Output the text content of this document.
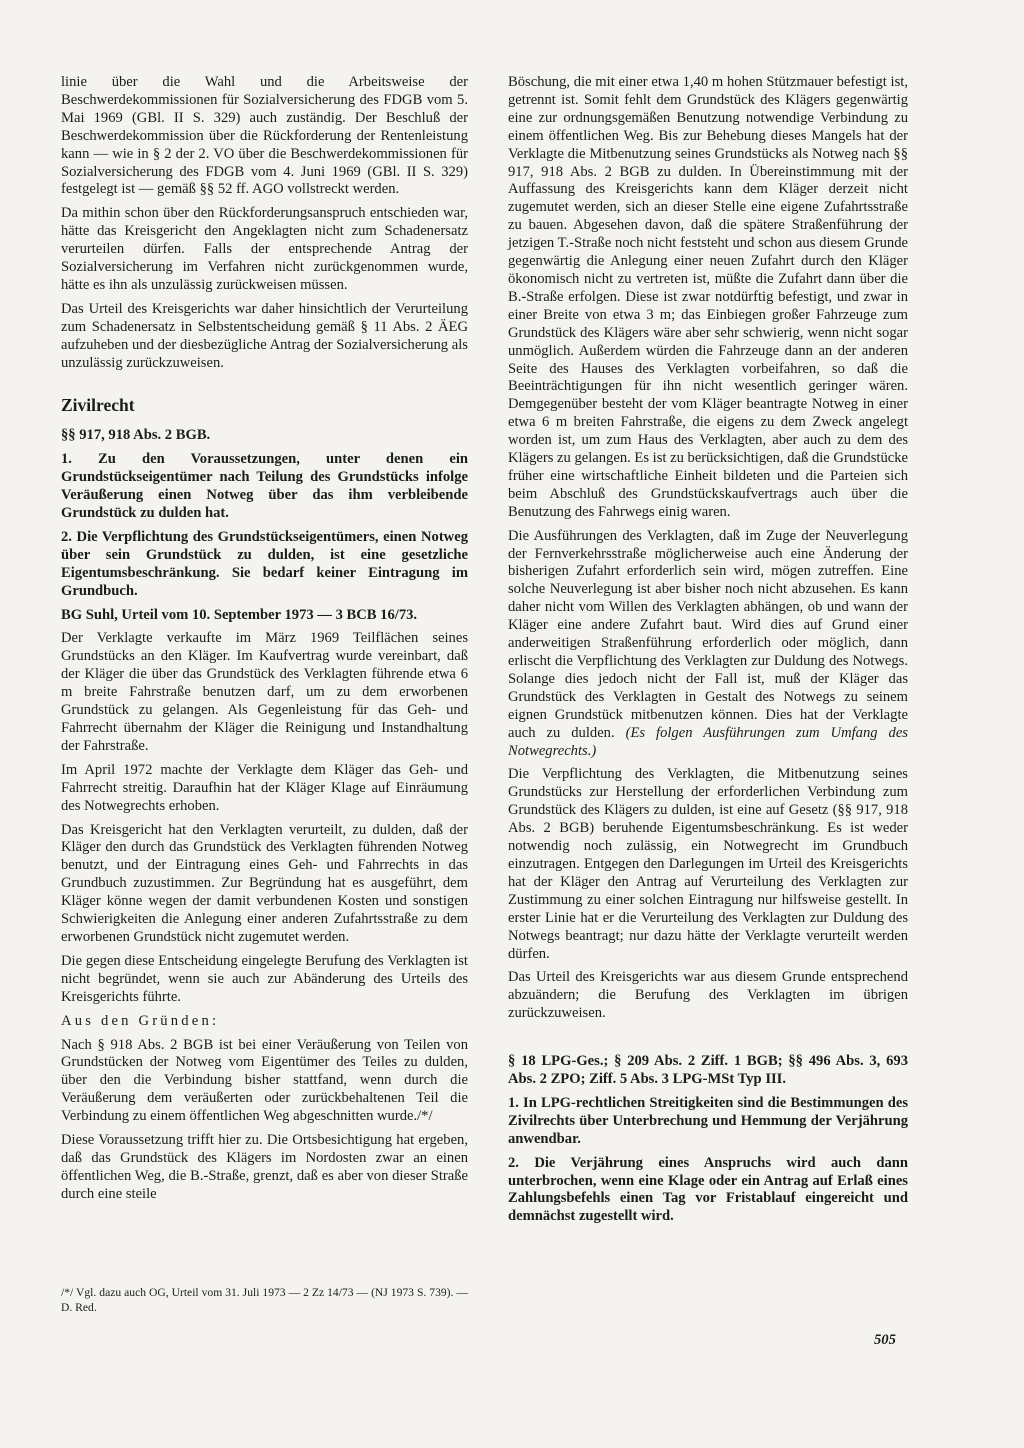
linie über die Wahl und die Arbeitsweise der Beschwerdekommissionen für Sozialversicherung des FDGB vom 5. Mai 1969 (GBl. II S. 329) auch zuständig. Der Beschluß der Beschwerdekommission über die Rückforderung der Rentenleistung kann — wie in § 2 der 2. VO über die Beschwerdekommissionen für Sozialversicherung des FDGB vom 4. Juni 1969 (GBl. II S. 329) festgelegt ist — gemäß §§ 52 ff. AGO vollstreckt werden.

Da mithin schon über den Rückforderungsanspruch entschieden war, hätte das Kreisgericht den Angeklagten nicht zum Schadenersatz verurteilen dürfen. Falls der entsprechende Antrag der Sozialversicherung im Verfahren nicht zurückgenommen wurde, hätte es ihn als unzulässig zurückweisen müssen.

Das Urteil des Kreisgerichts war daher hinsichtlich der Verurteilung zum Schadenersatz in Selbstentscheidung gemäß § 11 Abs. 2 ÄEG aufzuheben und der diesbezügliche Antrag der Sozialversicherung als unzulässig zurückzuweisen.

Zivilrecht

§§ 917, 918 Abs. 2 BGB.

1. Zu den Voraussetzungen, unter denen ein Grundstückseigentümer nach Teilung des Grundstücks infolge Veräußerung einen Notweg über das ihm verbleibende Grundstück zu dulden hat.

2. Die Verpflichtung des Grundstückseigentümers, einen Notweg über sein Grundstück zu dulden, ist eine gesetzliche Eigentumsbeschränkung. Sie bedarf keiner Eintragung im Grundbuch.

BG Suhl, Urteil vom 10. September 1973 — 3 BCB 16/73.

Der Verklagte verkaufte im März 1969 Teilflächen seines Grundstücks an den Kläger. Im Kaufvertrag wurde vereinbart, daß der Kläger die über das Grundstück des Verklagten führende etwa 6 m breite Fahrstraße benutzen darf, um zu dem erworbenen Grundstück zu gelangen. Als Gegenleistung für das Geh- und Fahrrecht übernahm der Kläger die Reinigung und Instandhaltung der Fahrstraße.

Im April 1972 machte der Verklagte dem Kläger das Geh- und Fahrrecht streitig. Daraufhin hat der Kläger Klage auf Einräumung des Notwegrechts erhoben.

Das Kreisgericht hat den Verklagten verurteilt, zu dulden, daß der Kläger den durch das Grundstück des Verklagten führenden Notweg benutzt, und der Eintragung eines Geh- und Fahrrechts in das Grundbuch zuzustimmen. Zur Begründung hat es ausgeführt, dem Kläger könne wegen der damit verbundenen Kosten und sonstigen Schwierigkeiten die Anlegung einer anderen Zufahrtsstraße zu dem erworbenen Grundstück nicht zugemutet werden.

Die gegen diese Entscheidung eingelegte Berufung des Verklagten ist nicht begründet, wenn sie auch zur Abänderung des Urteils des Kreisgerichts führte.

Aus den Gründen:

Nach § 918 Abs. 2 BGB ist bei einer Veräußerung von Teilen von Grundstücken der Notweg vom Eigentümer des Teiles zu dulden, über den die Verbindung bisher stattfand, wenn durch die Veräußerung dem veräußerten oder zurückbehaltenen Teil die Verbindung zu einem öffentlichen Weg abgeschnitten wurde./*/

Diese Voraussetzung trifft hier zu. Die Ortsbesichtigung hat ergeben, daß das Grundstück des Klägers im Nordosten zwar an einen öffentlichen Weg, die B.-Straße, grenzt, daß es aber von dieser Straße durch eine steile

/*/ Vgl. dazu auch OG, Urteil vom 31. Juli 1973 — 2 Zz 14/73 — (NJ 1973 S. 739). — D. Red.

Böschung, die mit einer etwa 1,40 m hohen Stützmauer befestigt ist, getrennt ist. Somit fehlt dem Grundstück des Klägers gegenwärtig eine zur ordnungsgemäßen Benutzung notwendige Verbindung zu einem öffentlichen Weg. Bis zur Behebung dieses Mangels hat der Verklagte die Mitbenutzung seines Grundstücks als Notweg nach §§ 917, 918 Abs. 2 BGB zu dulden. In Übereinstimmung mit der Auffassung des Kreisgerichts kann dem Kläger derzeit nicht zugemutet werden, sich an dieser Stelle eine eigene Zufahrtsstraße zu bauen. Abgesehen davon, daß die spätere Straßenführung der jetzigen T.-Straße noch nicht feststeht und schon aus diesem Grunde gegenwärtig die Anlegung einer neuen Zufahrt durch den Kläger ökonomisch nicht zu vertreten ist, müßte die Zufahrt dann über die B.-Straße erfolgen. Diese ist zwar notdürftig befestigt, und zwar in einer Breite von etwa 3 m; das Einbiegen großer Fahrzeuge zum Grundstück des Klägers wäre aber sehr schwierig, wenn nicht sogar unmöglich. Außerdem würden die Fahrzeuge dann an der anderen Seite des Hauses des Verklagten vorbeifahren, so daß die Beeinträchtigungen für ihn nicht wesentlich geringer wären. Demgegenüber besteht der vom Kläger beantragte Notweg in einer etwa 6 m breiten Fahrstraße, die eigens zu dem Zweck angelegt worden ist, um zum Haus des Verklagten, aber auch zu dem des Klägers zu gelangen. Es ist zu berücksichtigen, daß die Grundstücke früher eine wirtschaftliche Einheit bildeten und die Parteien sich beim Abschluß des Grundstückskaufvertrags auch über die Benutzung des Fahrwegs einig waren.

Die Ausführungen des Verklagten, daß im Zuge der Neuverlegung der Fernverkehrsstraße möglicherweise auch eine Änderung der bisherigen Zufahrt erforderlich sein wird, mögen zutreffen. Eine solche Neuverlegung ist aber bisher noch nicht abzusehen. Es kann daher nicht vom Willen des Verklagten abhängen, ob und wann der Kläger eine andere Zufahrt baut. Wird dies auf Grund einer anderweitigen Straßenführung erforderlich oder möglich, dann erlischt die Verpflichtung des Verklagten zur Duldung des Notwegs. Solange dies jedoch nicht der Fall ist, muß der Kläger das Grundstück des Verklagten in Gestalt des Notwegs zu seinem eignen Grundstück mitbenutzen können. Dies hat der Verklagte auch zu dulden. (Es folgen Ausführungen zum Umfang des Notwegrechts.)

Die Verpflichtung des Verklagten, die Mitbenutzung seines Grundstücks zur Herstellung der erforderlichen Verbindung zum Grundstück des Klägers zu dulden, ist eine auf Gesetz (§§ 917, 918 Abs. 2 BGB) beruhende Eigentumsbeschränkung. Es ist weder notwendig noch zulässig, ein Notwegrecht im Grundbuch einzutragen. Entgegen den Darlegungen im Urteil des Kreisgerichts hat der Kläger den Antrag auf Verurteilung des Verklagten zur Zustimmung zu einer solchen Eintragung nur hilfsweise gestellt. In erster Linie hat er die Verurteilung des Verklagten zur Duldung des Notwegs beantragt; nur dazu hätte der Verklagte verurteilt werden dürfen.

Das Urteil des Kreisgerichts war aus diesem Grunde entsprechend abzuändern; die Berufung des Verklagten im übrigen zurückzuweisen.

§ 18 LPG-Ges.; § 209 Abs. 2 Ziff. 1 BGB; §§ 496 Abs. 3, 693 Abs. 2 ZPO; Ziff. 5 Abs. 3 LPG-MSt Typ III.

1. In LPG-rechtlichen Streitigkeiten sind die Bestimmungen des Zivilrechts über Unterbrechung und Hemmung der Verjährung anwendbar.

2. Die Verjährung eines Anspruchs wird auch dann unterbrochen, wenn eine Klage oder ein Antrag auf Erlaß eines Zahlungsbefehls einen Tag vor Fristablauf eingereicht und demnächst zugestellt wird.

505
